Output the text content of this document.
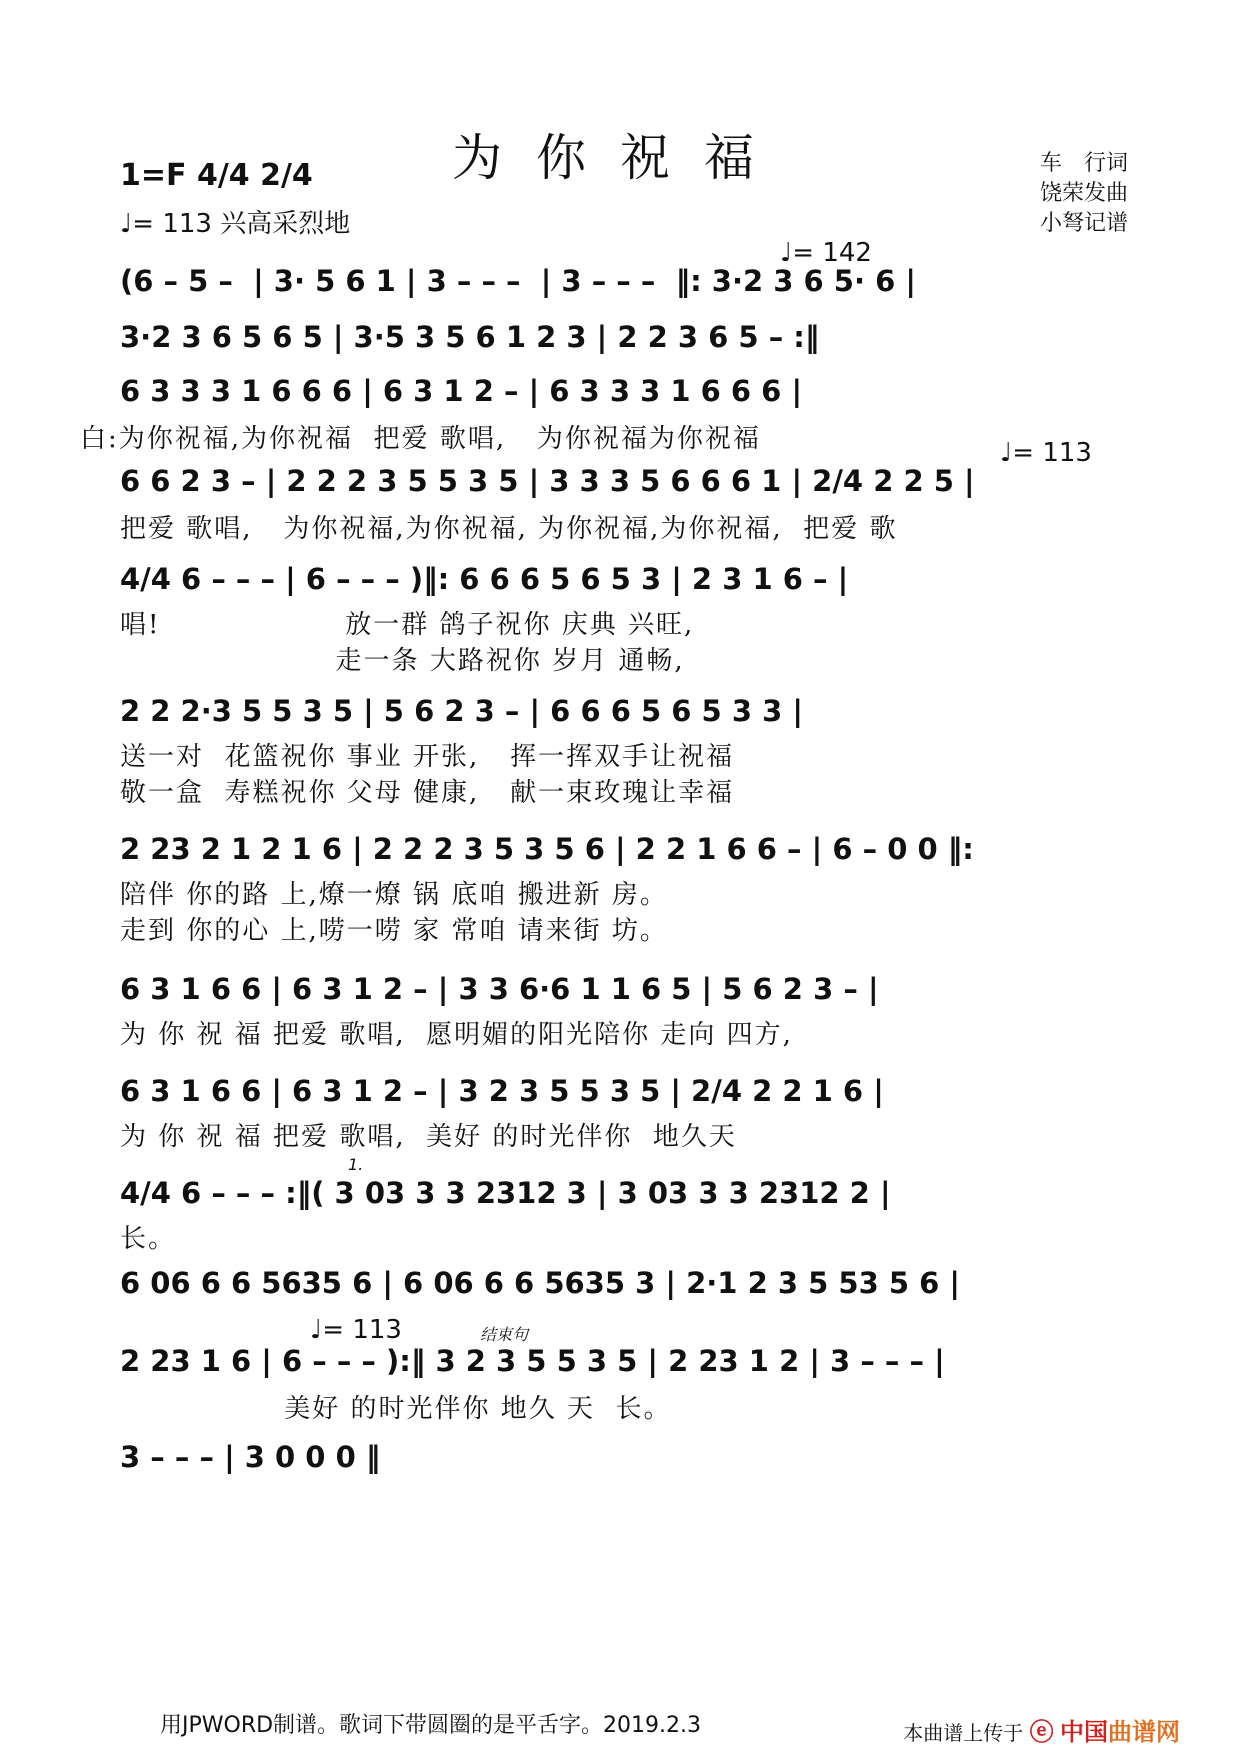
为你祝福
1=F 4/4 2/4
♩= 113 兴高采烈地
车　行词
饶荣发曲
小弩记谱
♩= 142
♩= 113
♩= 113
(6 – 5 –  | 3· 5 6 1 | 3 – – –  | 3 – – –  ‖: 3·2 3 6 5· 6 |
3·2 3 6 5 6 5 | 3·5 3 5 6 1 2 3 | 2 2 3 6 5 – :‖
6 3 3 3 1 6 6 6 | 6 3 1 2 – | 6 3 3 3 1 6 6 6 |
白:为你祝福,为你祝福  把爱 歌唱,   为你祝福为你祝福
6 6 2 3 – | 2 2 2 3 5 5 3 5 | 3 3 3 5 6 6 6 1 | 2/4 2 2 5 |
把爱 歌唱,   为你祝福,为你祝福, 为你祝福,为你祝福,  把爱 歌
4/4 6 – – – | 6 – – – )‖: 6 6 6 5 6 5 3 | 2 3 1 6 – |
唱!                  放一群 鸽子祝你 庆典 兴旺,
走一条 大路祝你 岁月 通畅,
2 2 2·3 5 5 3 5 | 5 6 2 3 – | 6 6 6 5 6 5 3 3 |
送一对  花篮祝你 事业 开张,   挥一挥双手让祝福
敬一盒  寿糕祝你 父母 健康,   献一束玫瑰让幸福
2 23 2 1 2 1 6 | 2 2 2 3 5 3 5 6 | 2 2 1 6 6 – | 6 – 0 0 ‖:
陪伴 你的路 上,燎一燎 锅 底咱 搬进新 房。
走到 你的心 上,唠一唠 家 常咱 请来街 坊。
6 3 1 6 6 | 6 3 1 2 – | 3 3 6·6 1 1 6 5 | 5 6 2 3 – |
为 你 祝 福 把爱 歌唱,  愿明媚的阳光陪你 走向 四方,
6 3 1 6 6 | 6 3 1 2 – | 3 2 3 5 5 3 5 | 2/4 2 2 1 6 |
为 你 祝 福 把爱 歌唱,  美好 的时光伴你  地久天
1.
4/4 6 – – – :‖( 3 03 3 3 2312 3 | 3 03 3 3 2312 2 |
长。
6 06 6 6 5635 6 | 6 06 6 6 5635 3 | 2·1 2 3 5 53 5 6 |
结束句
2 23 1 6 | 6 – – – ):‖ 3 2 3 5 5 3 5 | 2 23 1 2 | 3 – – – |
美好 的时光伴你 地久 天  长。
3 – – – | 3 0 0 0 ‖
用JPWORD制谱。歌词下带圆圈的是平舌字。2019.2.3	本曲谱上传于 ⓔ 中国曲谱网
